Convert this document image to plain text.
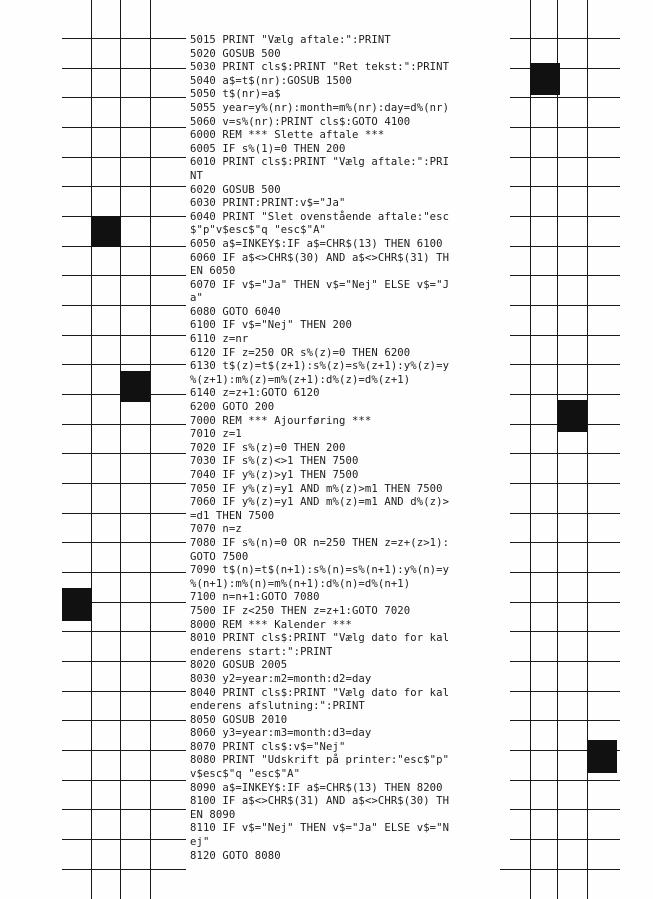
5015 PRINT "Vælg aftale:":PRINT
5020 GOSUB 500
5030 PRINT cls$:PRINT "Ret tekst:":PRINT
5040 a$=t$(nr):GOSUB 1500
5050 t$(nr)=a$
5055 year=y%(nr):month=m%(nr):day=d%(nr)
5060 v=s%(nr):PRINT cls$:GOTO 4100
6000 REM *** Slette aftale ***
6005 IF s%(1)=0 THEN 200
6010 PRINT cls$:PRINT "Vælg aftale:":PRI
NT
6020 GOSUB 500
6030 PRINT:PRINT:v$="Ja"
6040 PRINT "Slet ovenstående aftale:"esc
$"p"v$esc$"q "esc$"A"
6050 a$=INKEY$:IF a$=CHR$(13) THEN 6100
6060 IF a$<>CHR$(30) AND a$<>CHR$(31) TH
EN 6050
6070 IF v$="Ja" THEN v$="Nej" ELSE v$="J
a"
6080 GOTO 6040
6100 IF v$="Nej" THEN 200
6110 z=nr
6120 IF z=250 OR s%(z)=0 THEN 6200
6130 t$(z)=t$(z+1):s%(z)=s%(z+1):y%(z)=y
%(z+1):m%(z)=m%(z+1):d%(z)=d%(z+1)
6140 z=z+1:GOTO 6120
6200 GOTO 200
7000 REM *** Ajourføring ***
7010 z=1
7020 IF s%(z)=0 THEN 200
7030 IF s%(z)<>1 THEN 7500
7040 IF y%(z)>y1 THEN 7500
7050 IF y%(z)=y1 AND m%(z)>m1 THEN 7500
7060 IF y%(z)=y1 AND m%(z)=m1 AND d%(z)>
=d1 THEN 7500
7070 n=z
7080 IF s%(n)=0 OR n=250 THEN z=z+(z>1):
GOTO 7500
7090 t$(n)=t$(n+1):s%(n)=s%(n+1):y%(n)=y
%(n+1):m%(n)=m%(n+1):d%(n)=d%(n+1)
7100 n=n+1:GOTO 7080
7500 IF z<250 THEN z=z+1:GOTO 7020
8000 REM *** Kalender ***
8010 PRINT cls$:PRINT "Vælg dato for kal
enderens start:":PRINT
8020 GOSUB 2005
8030 y2=year:m2=month:d2=day
8040 PRINT cls$:PRINT "Vælg dato for kal
enderens afslutning:":PRINT
8050 GOSUB 2010
8060 y3=year:m3=month:d3=day
8070 PRINT cls$:v$="Nej"
8080 PRINT "Udskrift på printer:"esc$"p"
v$esc$"q "esc$"A"
8090 a$=INKEY$:IF a$=CHR$(13) THEN 8200
8100 IF a$<>CHR$(31) AND a$<>CHR$(30) TH
EN 8090
8110 IF v$="Nej" THEN v$="Ja" ELSE v$="N
ej"
8120 GOTO 8080
